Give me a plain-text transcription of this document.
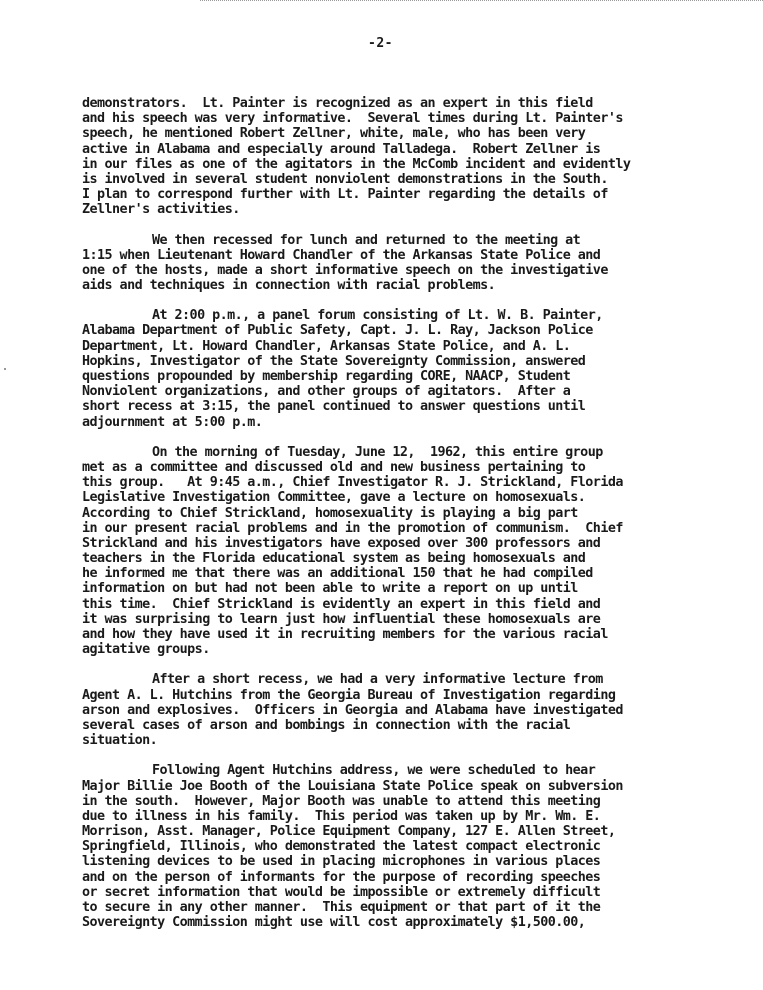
-2-
demonstrators.  Lt. Painter is recognized as an expert in this field
and his speech was very informative.  Several times during Lt. Painter's
speech, he mentioned Robert Zellner, white, male, who has been very
active in Alabama and especially around Talladega.  Robert Zellner is
in our files as one of the agitators in the McComb incident and evidently
is involved in several student nonviolent demonstrations in the South.
I plan to correspond further with Lt. Painter regarding the details of
Zellner's activities.
We then recessed for lunch and returned to the meeting at
1:15 when Lieutenant Howard Chandler of the Arkansas State Police and
one of the hosts, made a short informative speech on the investigative
aids and techniques in connection with racial problems.
At 2:00 p.m., a panel forum consisting of Lt. W. B. Painter,
Alabama Department of Public Safety, Capt. J. L. Ray, Jackson Police
Department, Lt. Howard Chandler, Arkansas State Police, and A. L.
Hopkins, Investigator of the State Sovereignty Commission, answered
questions propounded by membership regarding CORE, NAACP, Student
Nonviolent organizations, and other groups of agitators.  After a
short recess at 3:15, the panel continued to answer questions until
adjournment at 5:00 p.m.
On the morning of Tuesday, June 12,  1962, this entire group
met as a committee and discussed old and new business pertaining to
this group.   At 9:45 a.m., Chief Investigator R. J. Strickland, Florida
Legislative Investigation Committee, gave a lecture on homosexuals.
According to Chief Strickland, homosexuality is playing a big part
in our present racial problems and in the promotion of communism.  Chief
Strickland and his investigators have exposed over 300 professors and
teachers in the Florida educational system as being homosexuals and
he informed me that there was an additional 150 that he had compiled
information on but had not been able to write a report on up until
this time.  Chief Strickland is evidently an expert in this field and
it was surprising to learn just how influential these homosexuals are
and how they have used it in recruiting members for the various racial
agitative groups.
After a short recess, we had a very informative lecture from
Agent A. L. Hutchins from the Georgia Bureau of Investigation regarding
arson and explosives.  Officers in Georgia and Alabama have investigated
several cases of arson and bombings in connection with the racial
situation.
Following Agent Hutchins address, we were scheduled to hear
Major Billie Joe Booth of the Louisiana State Police speak on subversion
in the south.  However, Major Booth was unable to attend this meeting
due to illness in his family.  This period was taken up by Mr. Wm. E.
Morrison, Asst. Manager, Police Equipment Company, 127 E. Allen Street,
Springfield, Illinois, who demonstrated the latest compact electronic
listening devices to be used in placing microphones in various places
and on the person of informants for the purpose of recording speeches
or secret information that would be impossible or extremely difficult
to secure in any other manner.  This equipment or that part of it the
Sovereignty Commission might use will cost approximately $1,500.00,
